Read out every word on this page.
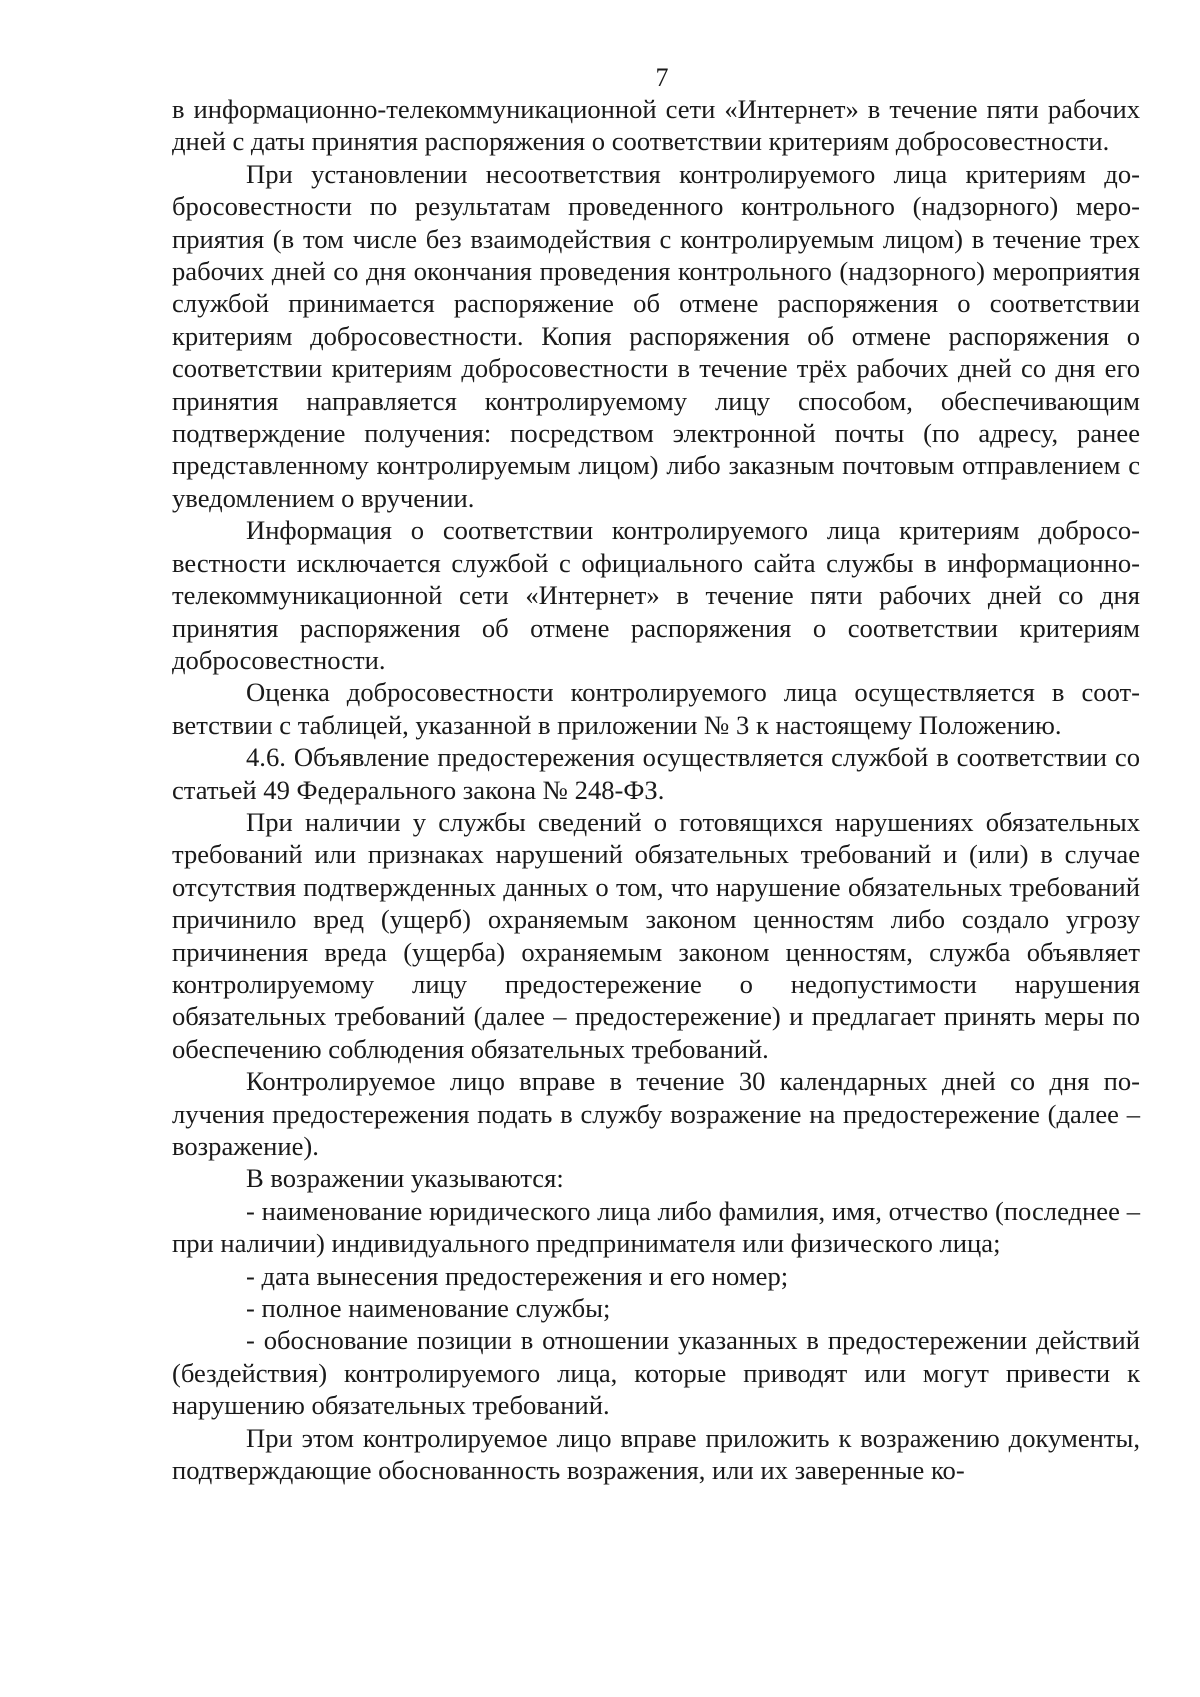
7

в информационно-телекоммуникационной сети «Интернет» в течение пяти рабочих дней с даты принятия распоряжения о соответствии критериям добросовестности.

При установлении несоответствия контролируемого лица критериям добросовестности по результатам проведенного контрольного (надзорного) мероприятия (в том числе без взаимодействия с контролируемым лицом) в течение трех рабочих дней со дня окончания проведения контрольного (надзорного) мероприятия службой принимается распоряжение об отмене распоряжения о соответствии критериям добросовестности. Копия распоряжения об отмене распоряжения о соответствии критериям добросовестности в течение трёх рабочих дней со дня его принятия направляется контролируемому лицу способом, обеспечивающим подтверждение получения: посредством электронной почты (по адресу, ранее представленному контролируемым лицом) либо заказным почтовым отправлением с уведомлением о вручении.

Информация о соответствии контролируемого лица критериям добросовестности исключается службой с официального сайта службы в информационно-телекоммуникационной сети «Интернет» в течение пяти рабочих дней со дня принятия распоряжения об отмене распоряжения о соответствии критериям добросовестности.

Оценка добросовестности контролируемого лица осуществляется в соответствии с таблицей, указанной в приложении № 3 к настоящему Положению.

4.6. Объявление предостережения осуществляется службой в соответствии со статьей 49 Федерального закона № 248-ФЗ.

При наличии у службы сведений о готовящихся нарушениях обязательных требований или признаках нарушений обязательных требований и (или) в случае отсутствия подтвержденных данных о том, что нарушение обязательных требований причинило вред (ущерб) охраняемым законом ценностям либо создало угрозу причинения вреда (ущерба) охраняемым законом ценностям, служба объявляет контролируемому лицу предостережение о недопустимости нарушения обязательных требований (далее – предостережение) и предлагает принять меры по обеспечению соблюдения обязательных требований.

Контролируемое лицо вправе в течение 30 календарных дней со дня получения предостережения подать в службу возражение на предостережение (далее – возражение).

В возражении указываются:

- наименование юридического лица либо фамилия, имя, отчество (последнее – при наличии) индивидуального предпринимателя или физического лица;

- дата вынесения предостережения и его номер;

- полное наименование службы;

- обоснование позиции в отношении указанных в предостережении действий (бездействия) контролируемого лица, которые приводят или могут привести к нарушению обязательных требований.

При этом контролируемое лицо вправе приложить к возражению документы, подтверждающие обоснованность возражения, или их заверенные ко-
